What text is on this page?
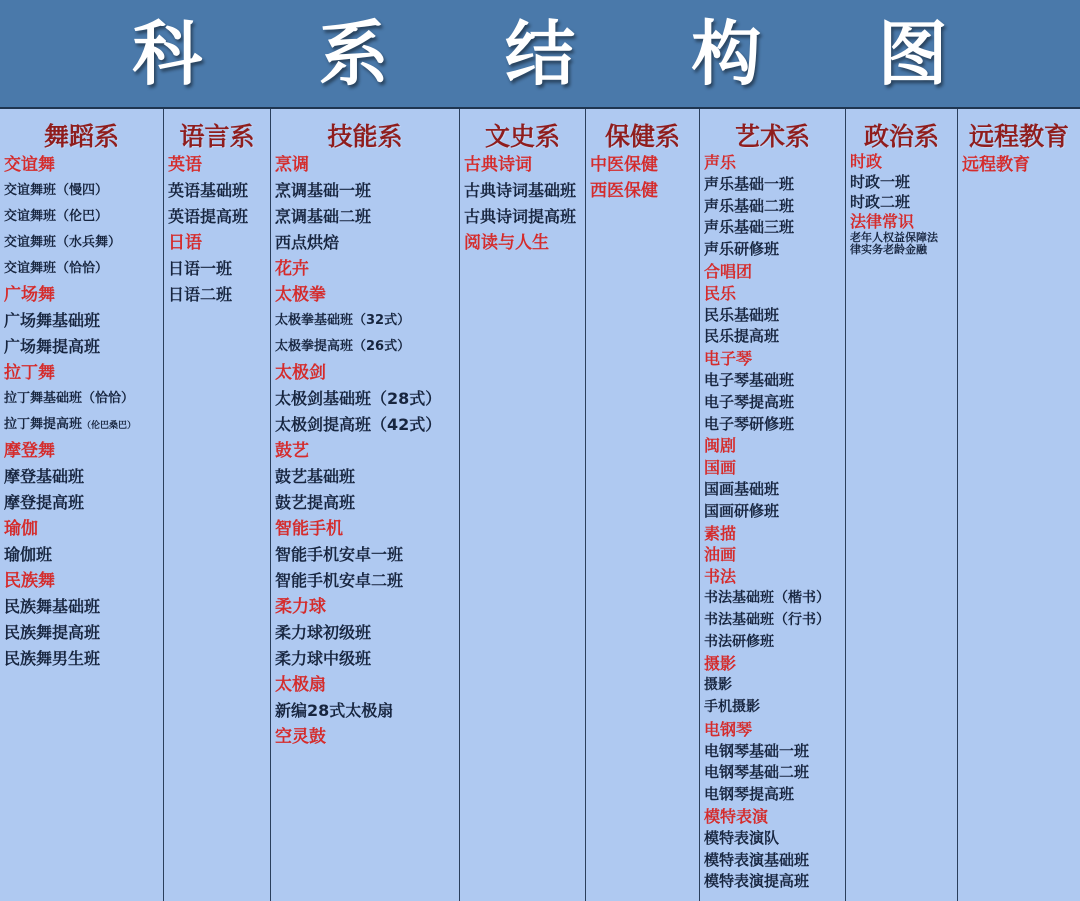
科 系 结 构 图
舞蹈系
交谊舞
交谊舞班（慢四）
交谊舞班（伦巴）
交谊舞班（水兵舞）
交谊舞班（恰恰）
广场舞
广场舞基础班
广场舞提高班
拉丁舞
拉丁舞基础班（恰恰）
拉丁舞提高班（伦巴桑巴）
摩登舞
摩登基础班
摩登提高班
瑜伽
瑜伽班
民族舞
民族舞基础班
民族舞提高班
民族舞男生班
语言系
英语
英语基础班
英语提高班
日语
日语一班
日语二班
技能系
烹调
烹调基础一班
烹调基础二班
西点烘焙
花卉
太极拳
太极拳基础班（32式）
太极拳提高班（26式）
太极剑
太极剑基础班（28式）
太极剑提高班（42式）
鼓艺
鼓艺基础班
鼓艺提高班
智能手机
智能手机安卓一班
智能手机安卓二班
柔力球
柔力球初级班
柔力球中级班
太极扇
新编28式太极扇
空灵鼓
文史系
古典诗词
古典诗词基础班
古典诗词提高班
阅读与人生
保健系
中医保健
西医保健
艺术系
声乐
声乐基础一班
声乐基础二班
声乐基础三班
声乐研修班
合唱团
民乐
民乐基础班
民乐提高班
电子琴
电子琴基础班
电子琴提高班
电子琴研修班
闽剧
国画
国画基础班
国画研修班
素描
油画
书法
书法基础班（楷书）
书法基础班（行书）
书法研修班
摄影
摄影
手机摄影
电钢琴
电钢琴基础一班
电钢琴基础二班
电钢琴提高班
模特表演
模特表演队
模特表演基础班
模特表演提高班
政治系
时政
时政一班
时政二班
法律常识
老年人权益保障法
律实务老龄金融
远程教育
远程教育
